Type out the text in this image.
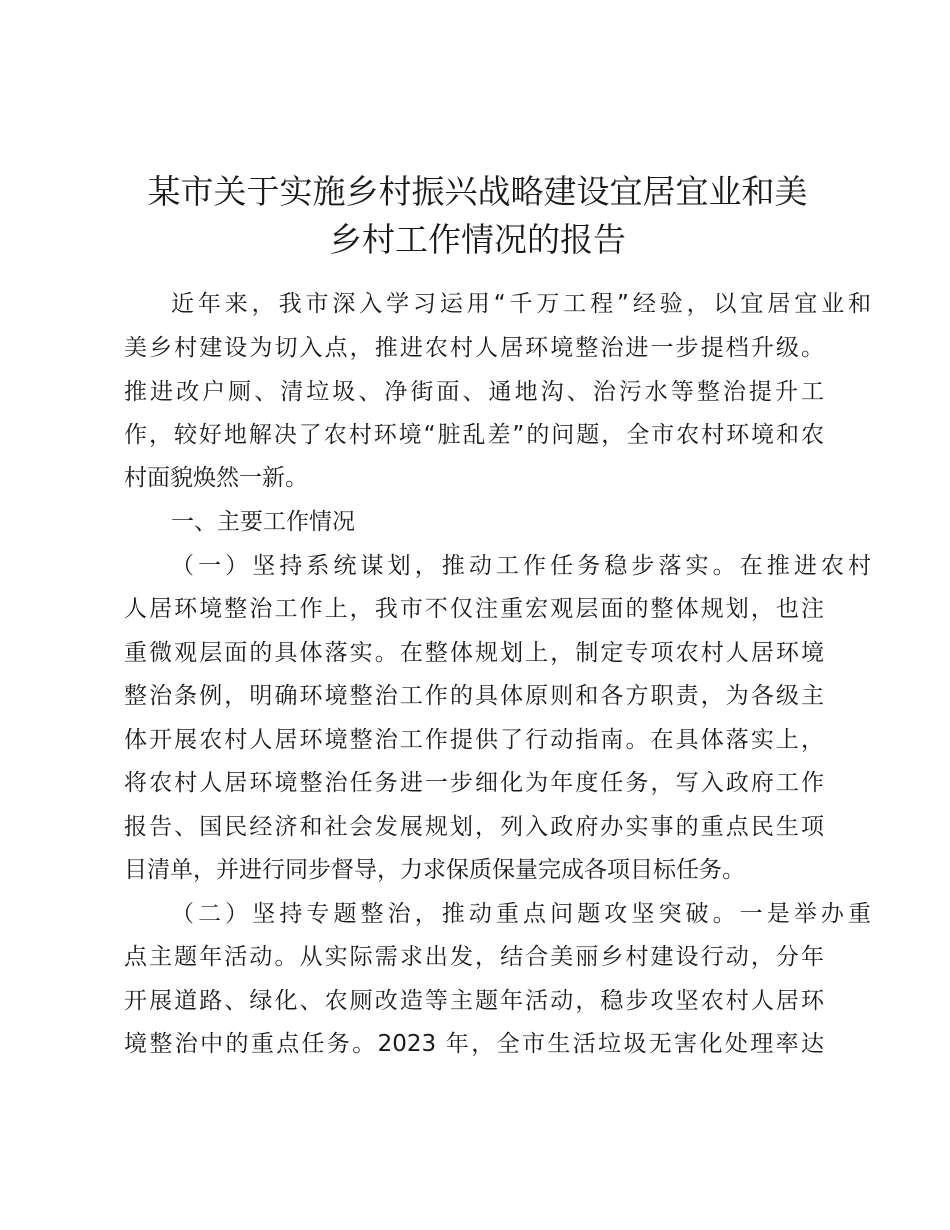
某市关于实施乡村振兴战略建设宜居宜业和美
乡村工作情况的报告

近年来，我市深入学习运用“千万工程”经验，以宜居宜业和

美乡村建设为切入点，推进农村人居环境整治进一步提档升级。

推进改户厕、清垃圾、净街面、通地沟、治污水等整治提升工

作，较好地解决了农村环境“脏乱差”的问题，全市农村环境和农

村面貌焕然一新。

一、主要工作情况

（一）坚持系统谋划，推动工作任务稳步落实。在推进农村

人居环境整治工作上，我市不仅注重宏观层面的整体规划，也注

重微观层面的具体落实。在整体规划上，制定专项农村人居环境

整治条例，明确环境整治工作的具体原则和各方职责，为各级主

体开展农村人居环境整治工作提供了行动指南。在具体落实上，

将农村人居环境整治任务进一步细化为年度任务，写入政府工作

报告、国民经济和社会发展规划，列入政府办实事的重点民生项

目清单，并进行同步督导，力求保质保量完成各项目标任务。

（二）坚持专题整治，推动重点问题攻坚突破。一是举办重

点主题年活动。从实际需求出发，结合美丽乡村建设行动，分年

开展道路、绿化、农厕改造等主题年活动，稳步攻坚农村人居环

境整治中的重点任务。2023 年，全市生活垃圾无害化处理率达
